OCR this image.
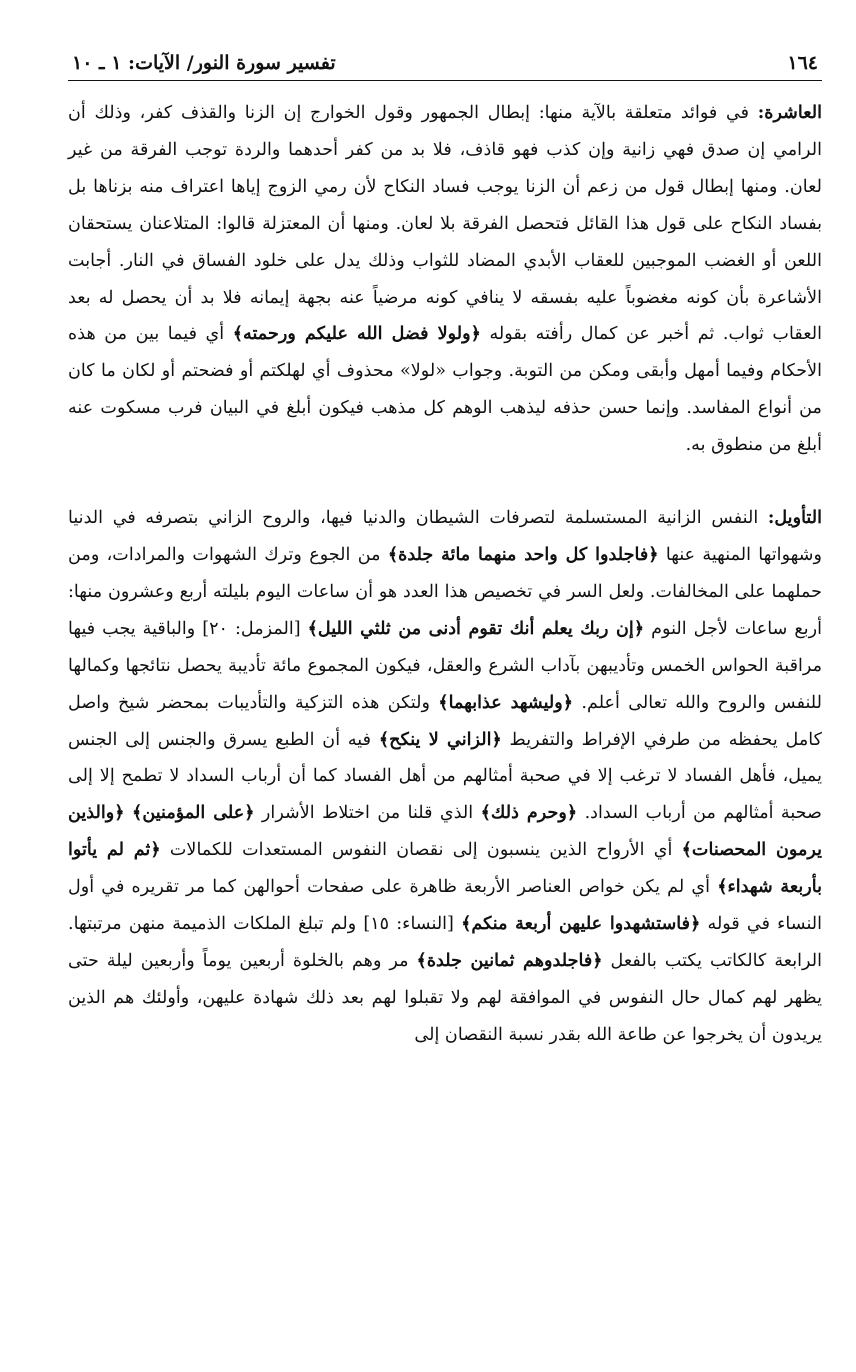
١٦٤
تفسير سورة النور/ الآيات: ١ ـ ١٠

العاشرة: في فوائد متعلقة بالآية منها: إبطال الجمهور وقول الخوارج إن الزنا والقذف كفر، وذلك أن الرامي إن صدق فهي زانية وإن كذب فهو قاذف، فلا بد من كفر أحدهما والردة توجب الفرقة من غير لعان. ومنها إبطال قول من زعم أن الزنا يوجب فساد النكاح لأن رمي الزوج إياها اعتراف منه بزناها بل بفساد النكاح على قول هذا القائل فتحصل الفرقة بلا لعان. ومنها أن المعتزلة قالوا: المتلاعنان يستحقان اللعن أو الغضب الموجبين للعقاب الأبدي المضاد للثواب وذلك يدل على خلود الفساق في النار. أجابت الأشاعرة بأن كونه مغضوباً عليه بفسقه لا ينافي كونه مرضياً عنه بجهة إيمانه فلا بد أن يحصل له بعد العقاب ثواب. ثم أخبر عن كمال رأفته بقوله ﴿ولولا فضل الله عليكم ورحمته﴾ أي فيما بين من هذه الأحكام وفيما أمهل وأبقى ومكن من التوبة. وجواب «لولا» محذوف أي لهلكتم أو فضحتم أو لكان ما كان من أنواع المفاسد. وإنما حسن حذفه ليذهب الوهم كل مذهب فيكون أبلغ في البيان فرب مسكوت عنه أبلغ من منطوق به.

التأويل: النفس الزانية المستسلمة لتصرفات الشيطان والدنيا فيها، والروح الزاني بتصرفه في الدنيا وشهواتها المنهية عنها ﴿فاجلدوا كل واحد منهما مائة جلدة﴾ من الجوع وترك الشهوات والمرادات، ومن حملهما على المخالفات. ولعل السر في تخصيص هذا العدد هو أن ساعات اليوم بليلته أربع وعشرون منها: أربع ساعات لأجل النوم ﴿إن ربك يعلم أنك تقوم أدنى من ثلثي الليل﴾ [المزمل: ٢٠] والباقية يجب فيها مراقبة الحواس الخمس وتأديبهن بآداب الشرع والعقل، فيكون المجموع مائة تأديبة يحصل نتائجها وكمالها للنفس والروح والله تعالى أعلم. ﴿وليشهد عذابهما﴾ ولتكن هذه التزكية والتأديبات بمحضر شيخ واصل كامل يحفظه من طرفي الإفراط والتفريط ﴿الزاني لا ينكح﴾ فيه أن الطبع يسرق والجنس إلى الجنس يميل، فأهل الفساد لا ترغب إلا في صحبة أمثالهم من أهل الفساد كما أن أرباب السداد لا تطمح إلا إلى صحبة أمثالهم من أرباب السداد. ﴿وحرم ذلك﴾ الذي قلنا من اختلاط الأشرار ﴿على المؤمنين﴾ ﴿والذين يرمون المحصنات﴾ أي الأرواح الذين ينسبون إلى نقصان النفوس المستعدات للكمالات ﴿ثم لم يأتوا بأربعة شهداء﴾ أي لم يكن خواص العناصر الأربعة ظاهرة على صفحات أحوالهن كما مر تقريره في أول النساء في قوله ﴿فاستشهدوا عليهن أربعة منكم﴾ [النساء: ١٥] ولم تبلغ الملكات الذميمة منهن مرتبتها. الرابعة كالكاتب يكتب بالفعل ﴿فاجلدوهم ثمانين جلدة﴾ مر وهم بالخلوة أربعين يوماً وأربعين ليلة حتى يظهر لهم كمال حال النفوس في الموافقة لهم ولا تقبلوا لهم بعد ذلك شهادة عليهن، وأولئك هم الذين يريدون أن يخرجوا عن طاعة الله بقدر نسبة النقصان إلى
